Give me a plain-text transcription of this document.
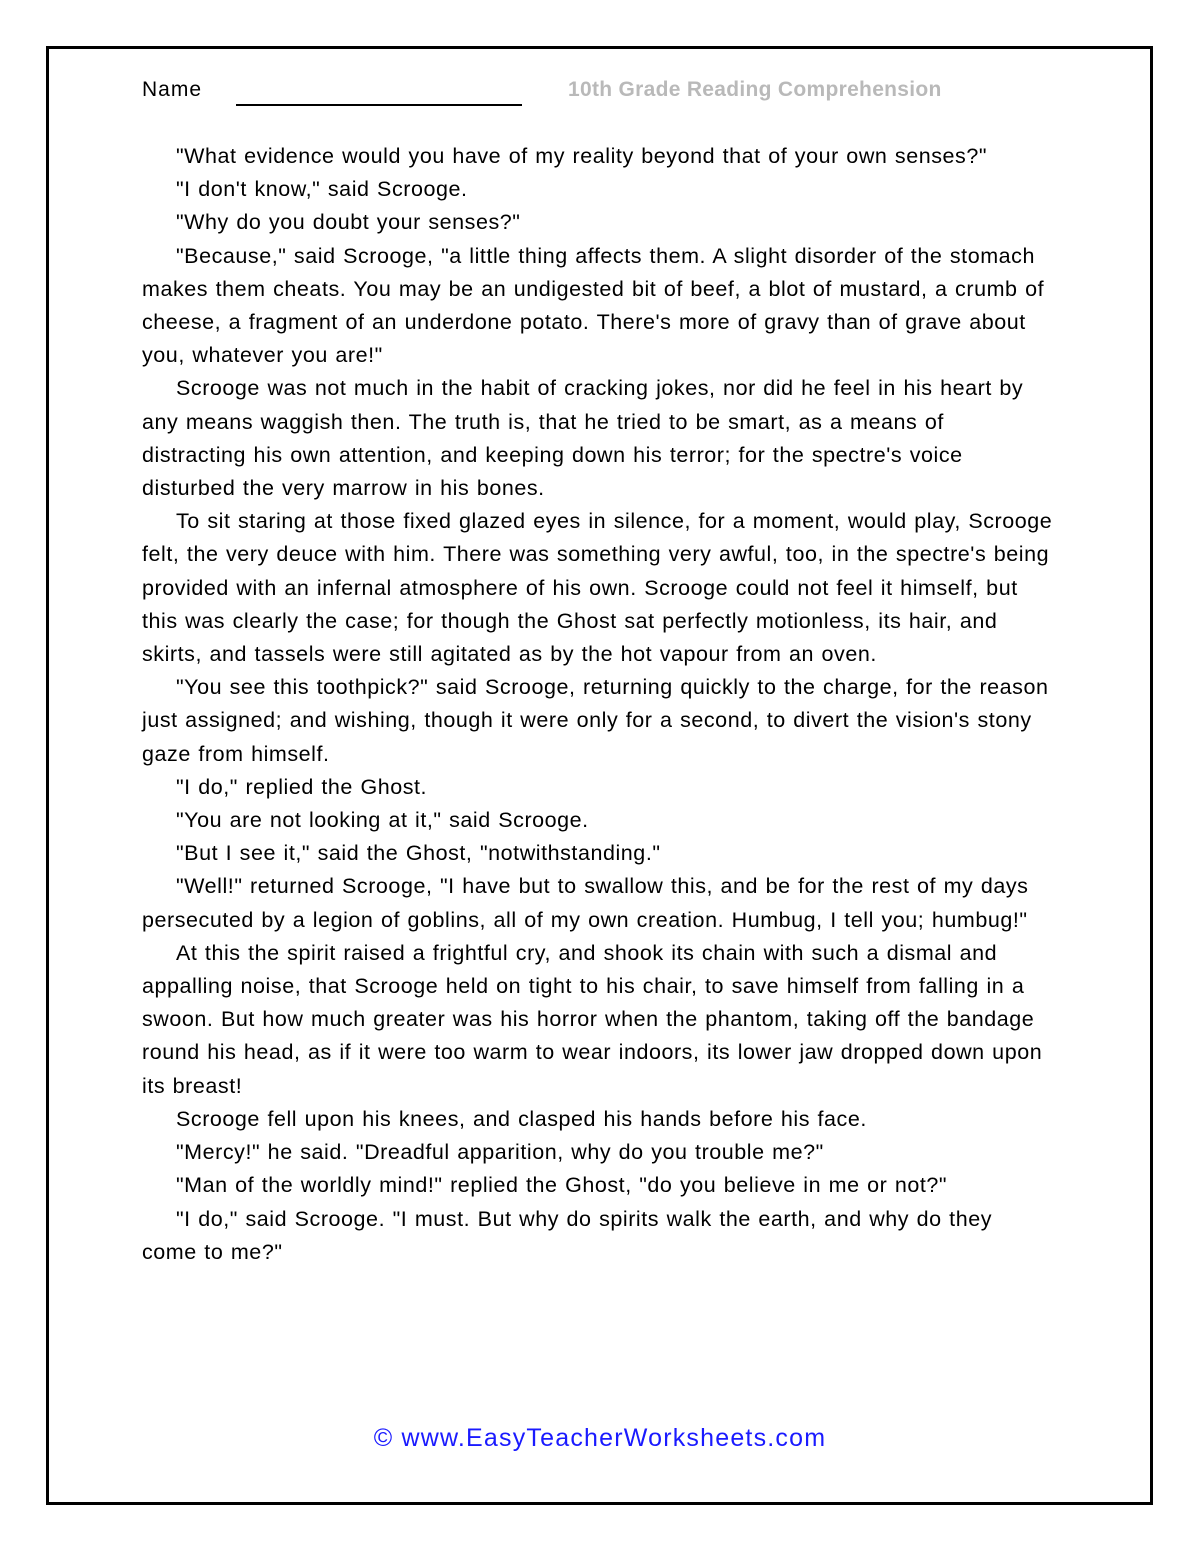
Name	10th Grade Reading Comprehension

"What evidence would you have of my reality beyond that of your own senses?"

"I don't know," said Scrooge.

"Why do you doubt your senses?"

"Because," said Scrooge, "a little thing affects them. A slight disorder of the stomach makes them cheats. You may be an undigested bit of beef, a blot of mustard, a crumb of cheese, a fragment of an underdone potato. There's more of gravy than of grave about you, whatever you are!"

Scrooge was not much in the habit of cracking jokes, nor did he feel in his heart by any means waggish then. The truth is, that he tried to be smart, as a means of distracting his own attention, and keeping down his terror; for the spectre's voice disturbed the very marrow in his bones.

To sit staring at those fixed glazed eyes in silence, for a moment, would play, Scrooge felt, the very deuce with him. There was something very awful, too, in the spectre's being provided with an infernal atmosphere of his own. Scrooge could not feel it himself, but this was clearly the case; for though the Ghost sat perfectly motionless, its hair, and skirts, and tassels were still agitated as by the hot vapour from an oven.

"You see this toothpick?" said Scrooge, returning quickly to the charge, for the reason just assigned; and wishing, though it were only for a second, to divert the vision's stony gaze from himself.

"I do," replied the Ghost.

"You are not looking at it," said Scrooge.

"But I see it," said the Ghost, "notwithstanding."

"Well!" returned Scrooge, "I have but to swallow this, and be for the rest of my days persecuted by a legion of goblins, all of my own creation. Humbug, I tell you; humbug!"

At this the spirit raised a frightful cry, and shook its chain with such a dismal and appalling noise, that Scrooge held on tight to his chair, to save himself from falling in a swoon. But how much greater was his horror when the phantom, taking off the bandage round his head, as if it were too warm to wear indoors, its lower jaw dropped down upon its breast!

Scrooge fell upon his knees, and clasped his hands before his face.

"Mercy!" he said. "Dreadful apparition, why do you trouble me?"

"Man of the worldly mind!" replied the Ghost, "do you believe in me or not?"

"I do," said Scrooge. "I must. But why do spirits walk the earth, and why do they come to me?"

© www.EasyTeacherWorksheets.com
